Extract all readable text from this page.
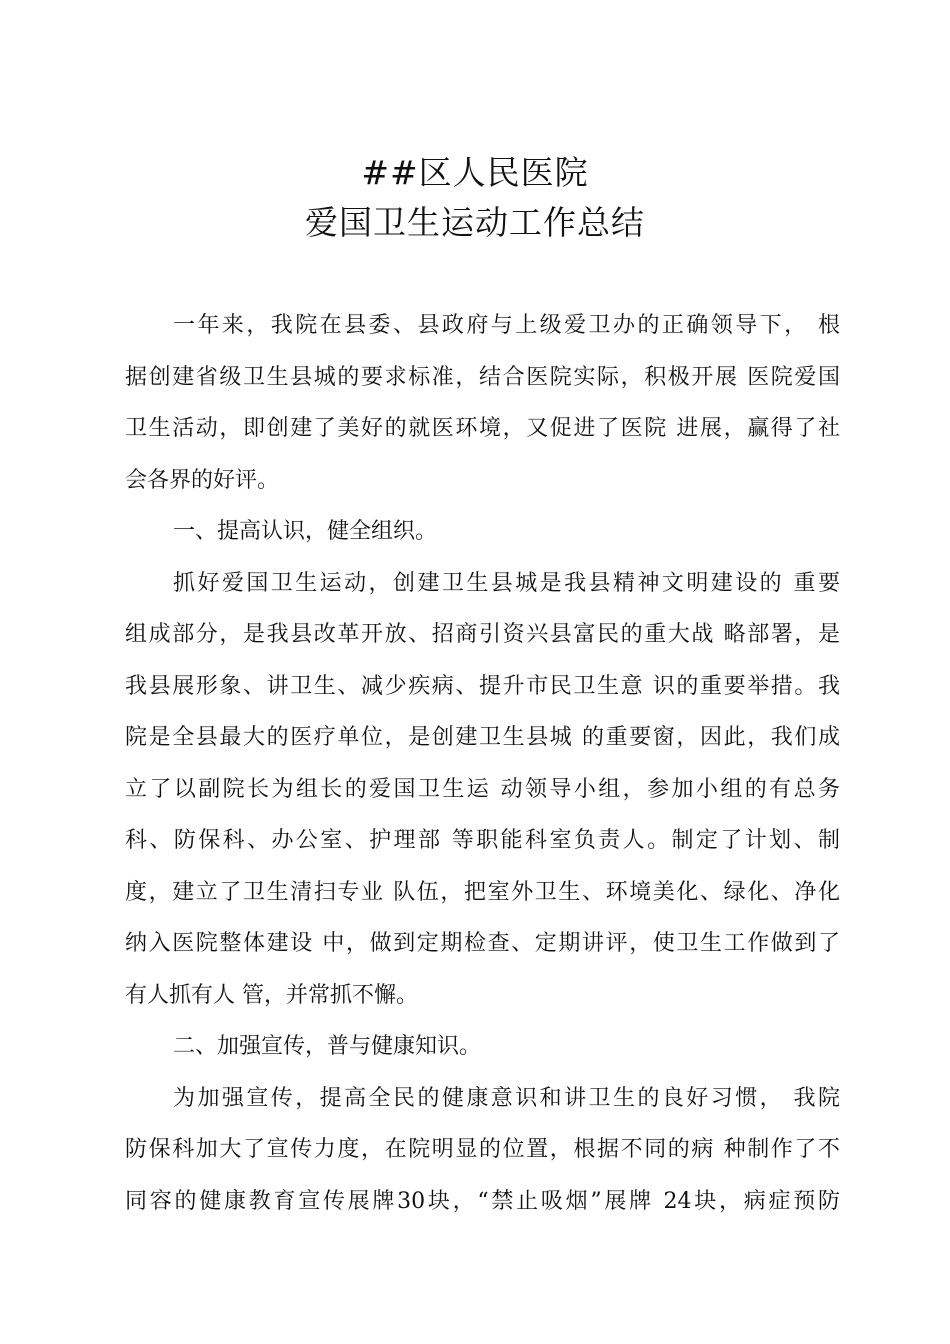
##区人民医院
爱国卫生运动工作总结
一年来，我院在县委、县政府与上级爱卫办的正确领导下， 根
据创建省级卫生县城的要求标准，结合医院实际，积极开展 医院爱国
卫生活动，即创建了美好的就医环境，又促进了医院 进展，赢得了社
会各界的好评。
一、提高认识，健全组织。
抓好爱国卫生运动，创建卫生县城是我县精神文明建设的 重要
组成部分，是我县改革开放、招商引资兴县富民的重大战 略部署，是
我县展形象、讲卫生、减少疾病、提升市民卫生意 识的重要举措。我
院是全县最大的医疗单位，是创建卫生县城 的重要窗，因此，我们成
立了以副院长为组长的爱国卫生运 动领导小组，参加小组的有总务
科、防保科、办公室、护理部 等职能科室负责人。制定了计划、制
度，建立了卫生清扫专业 队伍，把室外卫生、环境美化、绿化、净化
纳入医院整体建设 中，做到定期检查、定期讲评，使卫生工作做到了
有人抓有人 管，并常抓不懈。
二、加强宣传，普与健康知识。
为加强宣传，提高全民的健康意识和讲卫生的良好习惯， 我院
防保科加大了宣传力度，在院明显的位置，根据不同的病 种制作了不
同容的健康教育宣传展牌30块，“禁止吸烟”展牌 24块，病症预防
